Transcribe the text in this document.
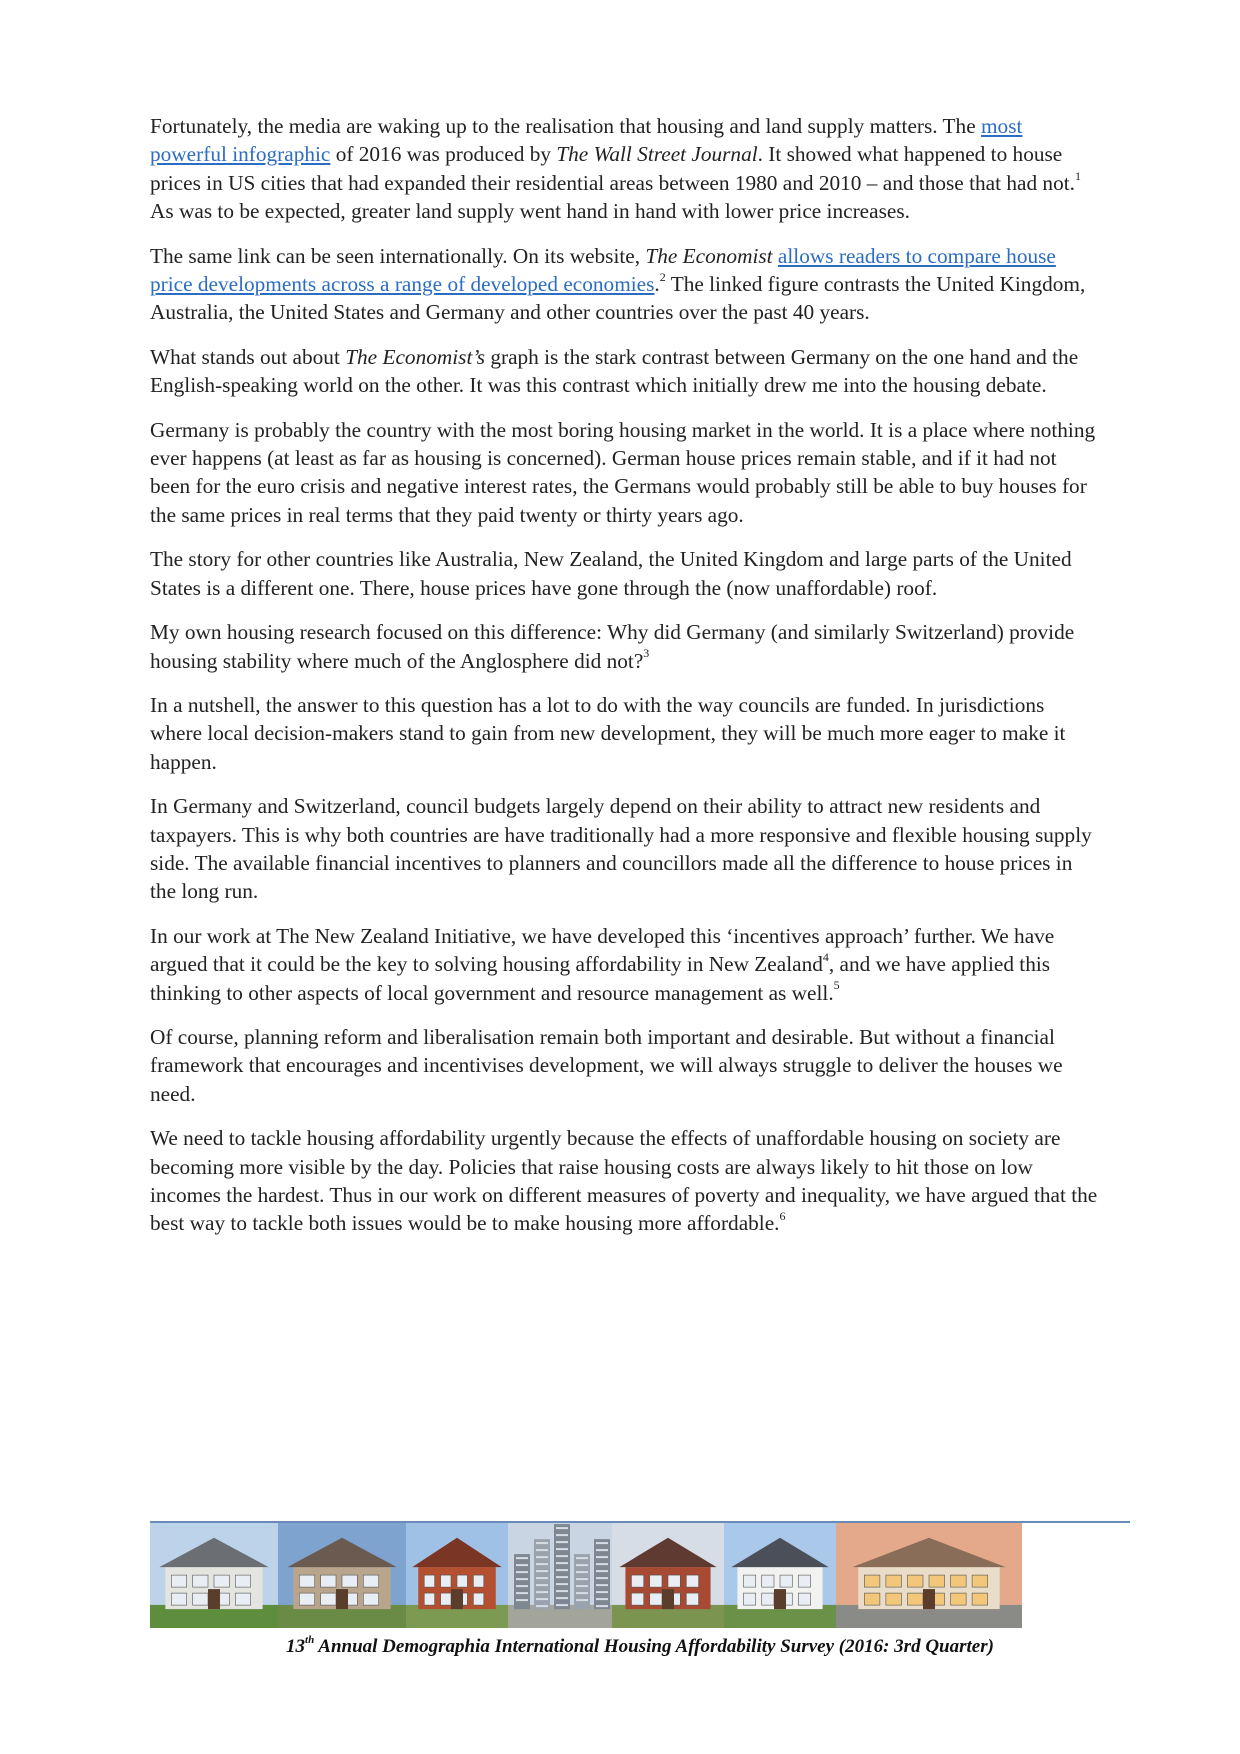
Fortunately, the media are waking up to the realisation that housing and land supply matters. The most powerful infographic of 2016 was produced by The Wall Street Journal. It showed what happened to house prices in US cities that had expanded their residential areas between 1980 and 2010 – and those that had not.$^1$ As was to be expected, greater land supply went hand in hand with lower price increases.

The same link can be seen internationally. On its website, The Economist allows readers to compare house price developments across a range of developed economies.$^2$ The linked figure contrasts the United Kingdom, Australia, the United States and Germany and other countries over the past 40 years.

What stands out about The Economist’s graph is the stark contrast between Germany on the one hand and the English-speaking world on the other. It was this contrast which initially drew me into the housing debate.

Germany is probably the country with the most boring housing market in the world. It is a place where nothing ever happens (at least as far as housing is concerned). German house prices remain stable, and if it had not been for the euro crisis and negative interest rates, the Germans would probably still be able to buy houses for the same prices in real terms that they paid twenty or thirty years ago.

The story for other countries like Australia, New Zealand, the United Kingdom and large parts of the United States is a different one. There, house prices have gone through the (now unaffordable) roof.

My own housing research focused on this difference: Why did Germany (and similarly Switzerland) provide housing stability where much of the Anglosphere did not?$^3$

In a nutshell, the answer to this question has a lot to do with the way councils are funded. In jurisdictions where local decision-makers stand to gain from new development, they will be much more eager to make it happen.

In Germany and Switzerland, council budgets largely depend on their ability to attract new residents and taxpayers. This is why both countries are have traditionally had a more responsive and flexible housing supply side. The available financial incentives to planners and councillors made all the difference to house prices in the long run.

In our work at The New Zealand Initiative, we have developed this ‘incentives approach’ further. We have argued that it could be the key to solving housing affordability in New Zealand$^4$, and we have applied this thinking to other aspects of local government and resource management as well.$^5$

Of course, planning reform and liberalisation remain both important and desirable. But without a financial framework that encourages and incentivises development, we will always struggle to deliver the houses we need.

We need to tackle housing affordability urgently because the effects of unaffordable housing on society are becoming more visible by the day. Policies that raise housing costs are always likely to hit those on low incomes the hardest. Thus in our work on different measures of poverty and inequality, we have argued that the best way to tackle both issues would be to make housing more affordable.$^6$

13th Annual Demographia International Housing Affordability Survey (2016: 3rd Quarter)
